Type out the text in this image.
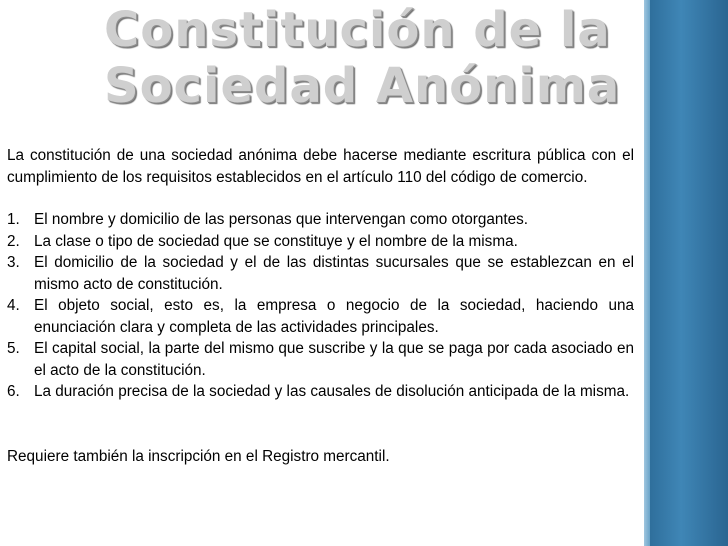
Constitución de la
Sociedad Anónima

La constitución de una sociedad anónima debe hacerse mediante escritura pública con el cumplimiento de los requisitos establecidos en el artículo 110 del código de comercio.

1. El nombre y domicilio de las personas que intervengan como otorgantes.
2. La clase o tipo de sociedad que se constituye y el nombre de la misma.
3. El domicilio de la sociedad y el de las distintas sucursales que se establezcan en el mismo acto de constitución.
4. El objeto social, esto es, la empresa o negocio de la sociedad, haciendo una enunciación clara y completa de las actividades principales.
5. El capital social, la parte del mismo que suscribe y la que se paga por cada asociado en el acto de la constitución.
6. La duración precisa de la sociedad y las causales de disolución anticipada de la misma.

Requiere también la inscripción en el Registro mercantil.
